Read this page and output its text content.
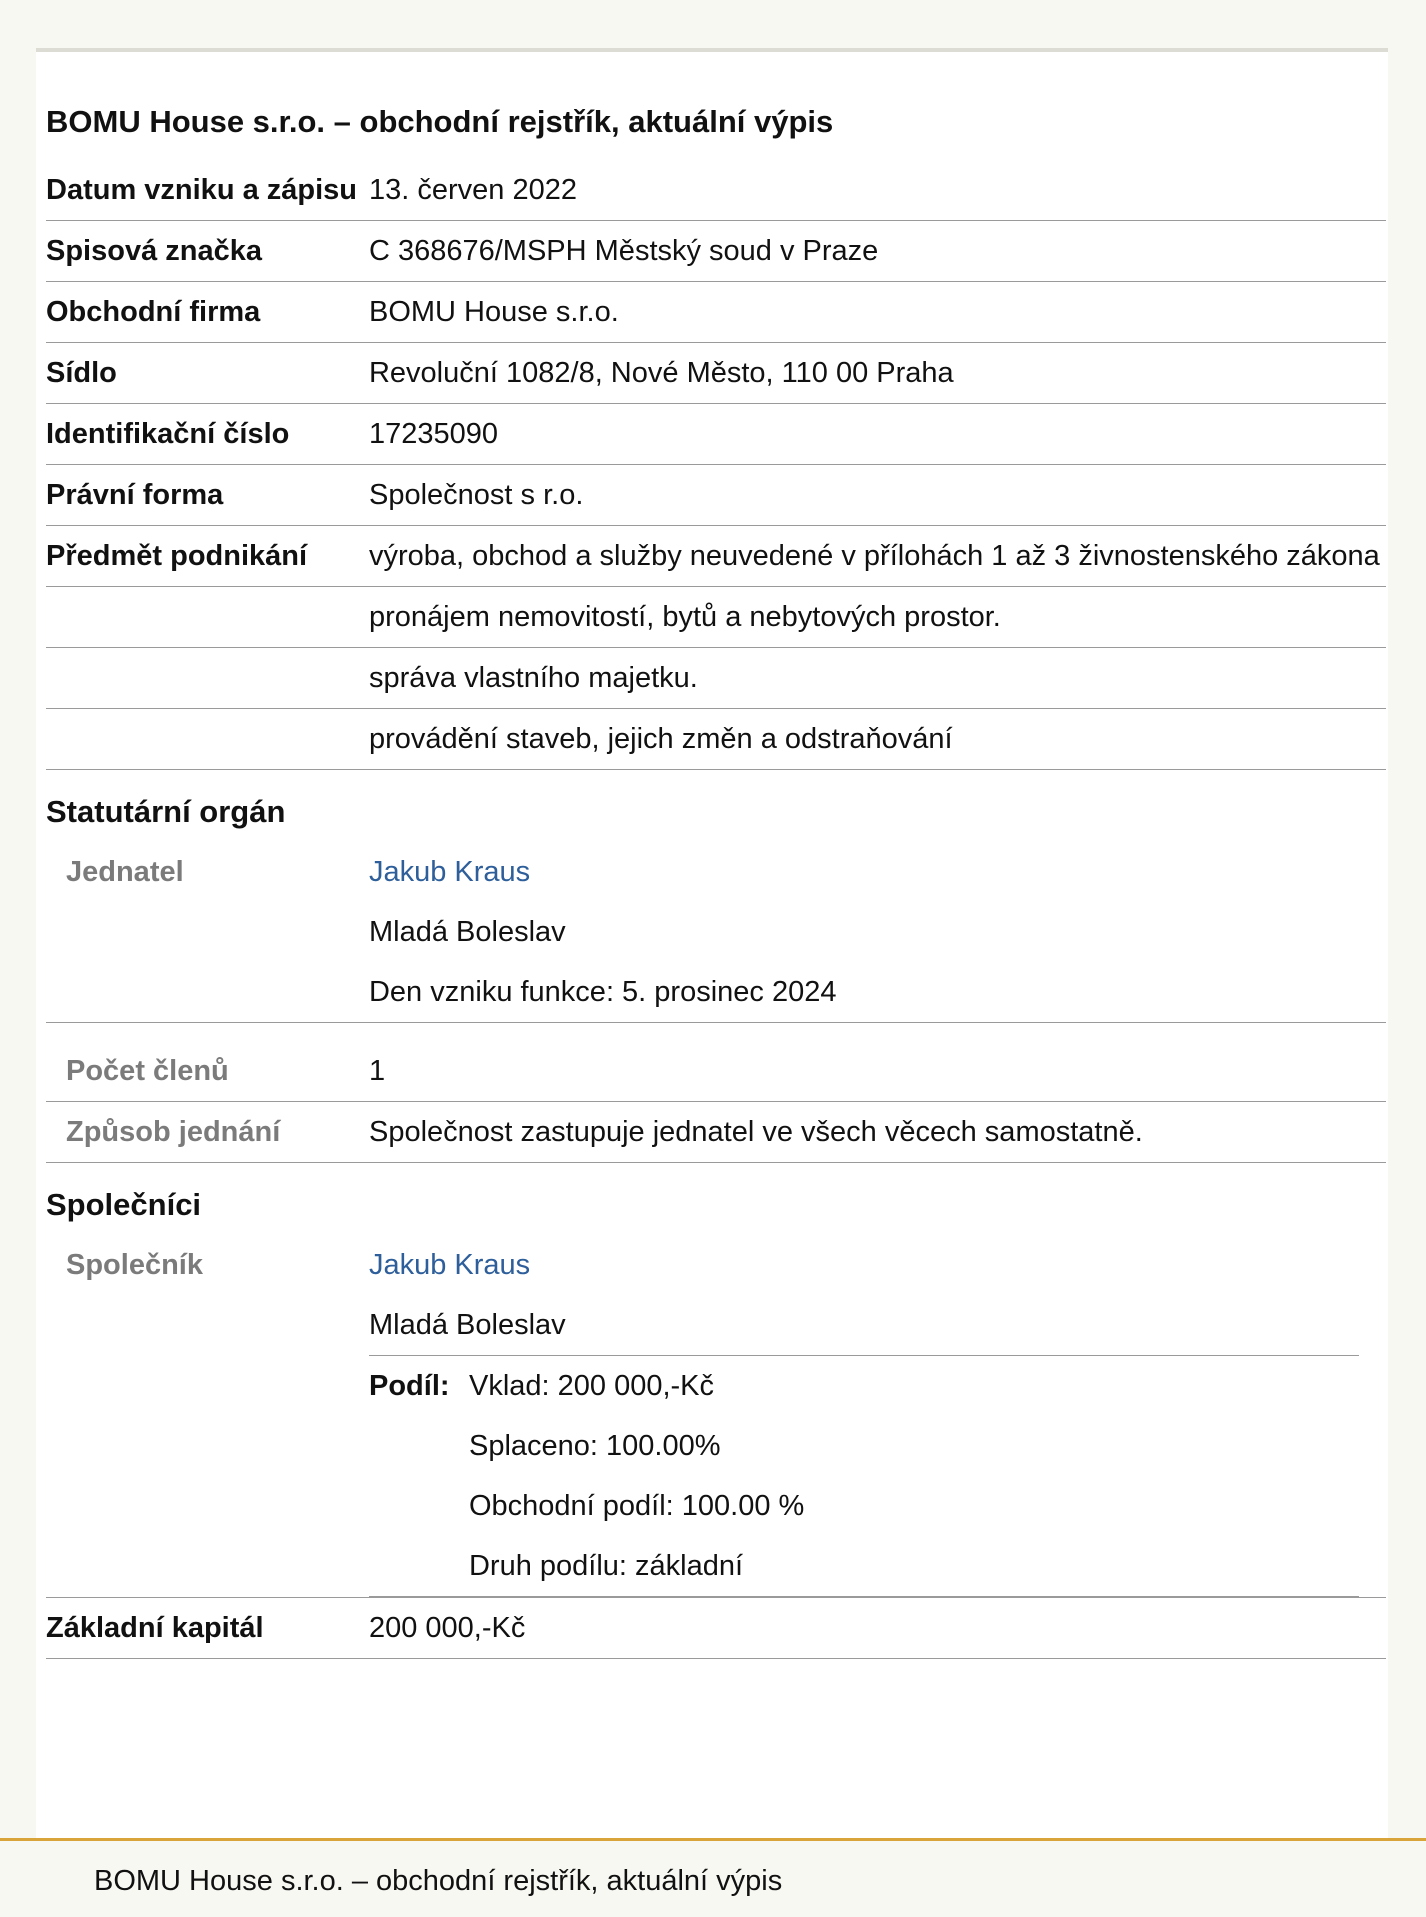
BOMU House s.r.o. – obchodní rejstřík, aktuální výpis
Datum vzniku a zápisu	13. červen 2022
Spisová značka	C 368676/MSPH Městský soud v Praze
Obchodní firma	BOMU House s.r.o.
Sídlo	Revoluční 1082/8, Nové Město, 110 00 Praha
Identifikační číslo	17235090
Právní forma	Společnost s r.o.
Předmět podnikání	výroba, obchod a služby neuvedené v přílohách 1 až 3 živnostenského zákona
	pronájem nemovitostí, bytů a nebytových prostor.
	správa vlastního majetku.
	provádění staveb, jejich změn a odstraňování
Statutární orgán
Jednatel	Jakub Kraus
Mladá Boleslav
Den vzniku funkce: 5. prosinec 2024

Počet členů	1
Způsob jednání	Společnost zastupuje jednatel ve všech věcech samostatně.
Společníci
Společník	Jakub Kraus
Mladá Boleslav
Podíl:	Vklad: 200 000,-Kč
Splaceno: 100.00%
Obchodní podíl: 100.00 %
Druh podílu: základní

Základní kapitál	200 000,-Kč
BOMU House s.r.o. – obchodní rejstřík, aktuální výpis
